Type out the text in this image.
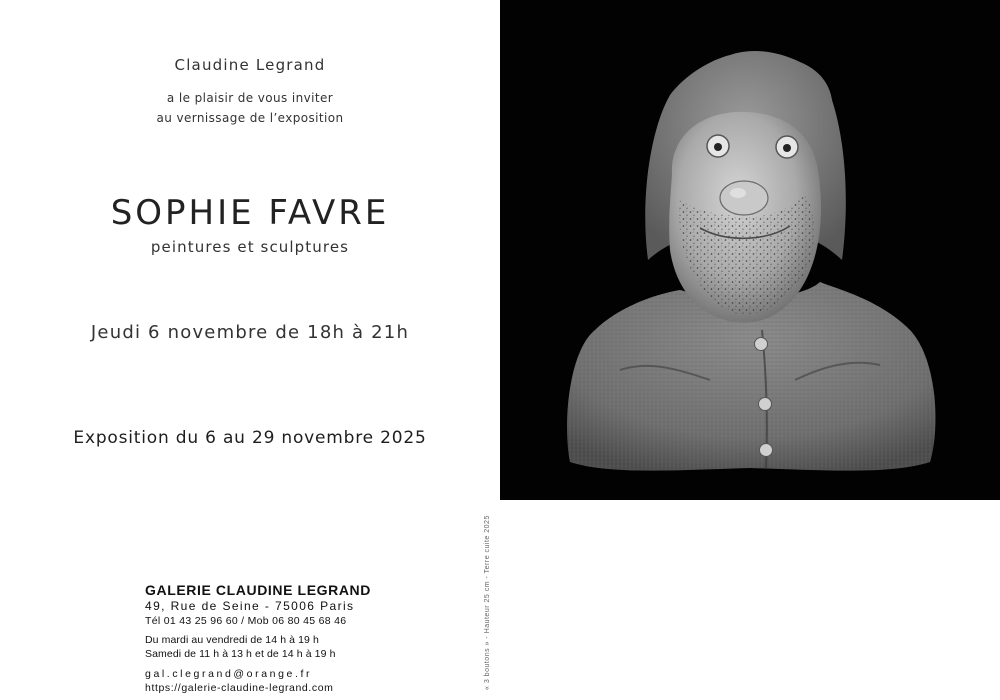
Claudine Legrand
a le plaisir de vous inviter
au vernissage de l’exposition
SOPHIE FAVRE
peintures et sculptures
Jeudi 6 novembre de 18h à 21h
Exposition du 6 au 29 novembre 2025
GALERIE CLAUDINE LEGRAND
49, Rue de Seine - 75006 Paris
Tél 01 43 25 96 60 / Mob 06 80 45 68 46
Du mardi au vendredi de 14 h à 19 h
Samedi de 11 h à 13 h et de 14 h à 19 h
gal.clegrand@orange.fr
https://galerie-claudine-legrand.com	« 3 boutons » - Hauteur 25 cm - Terre cuite 2025
